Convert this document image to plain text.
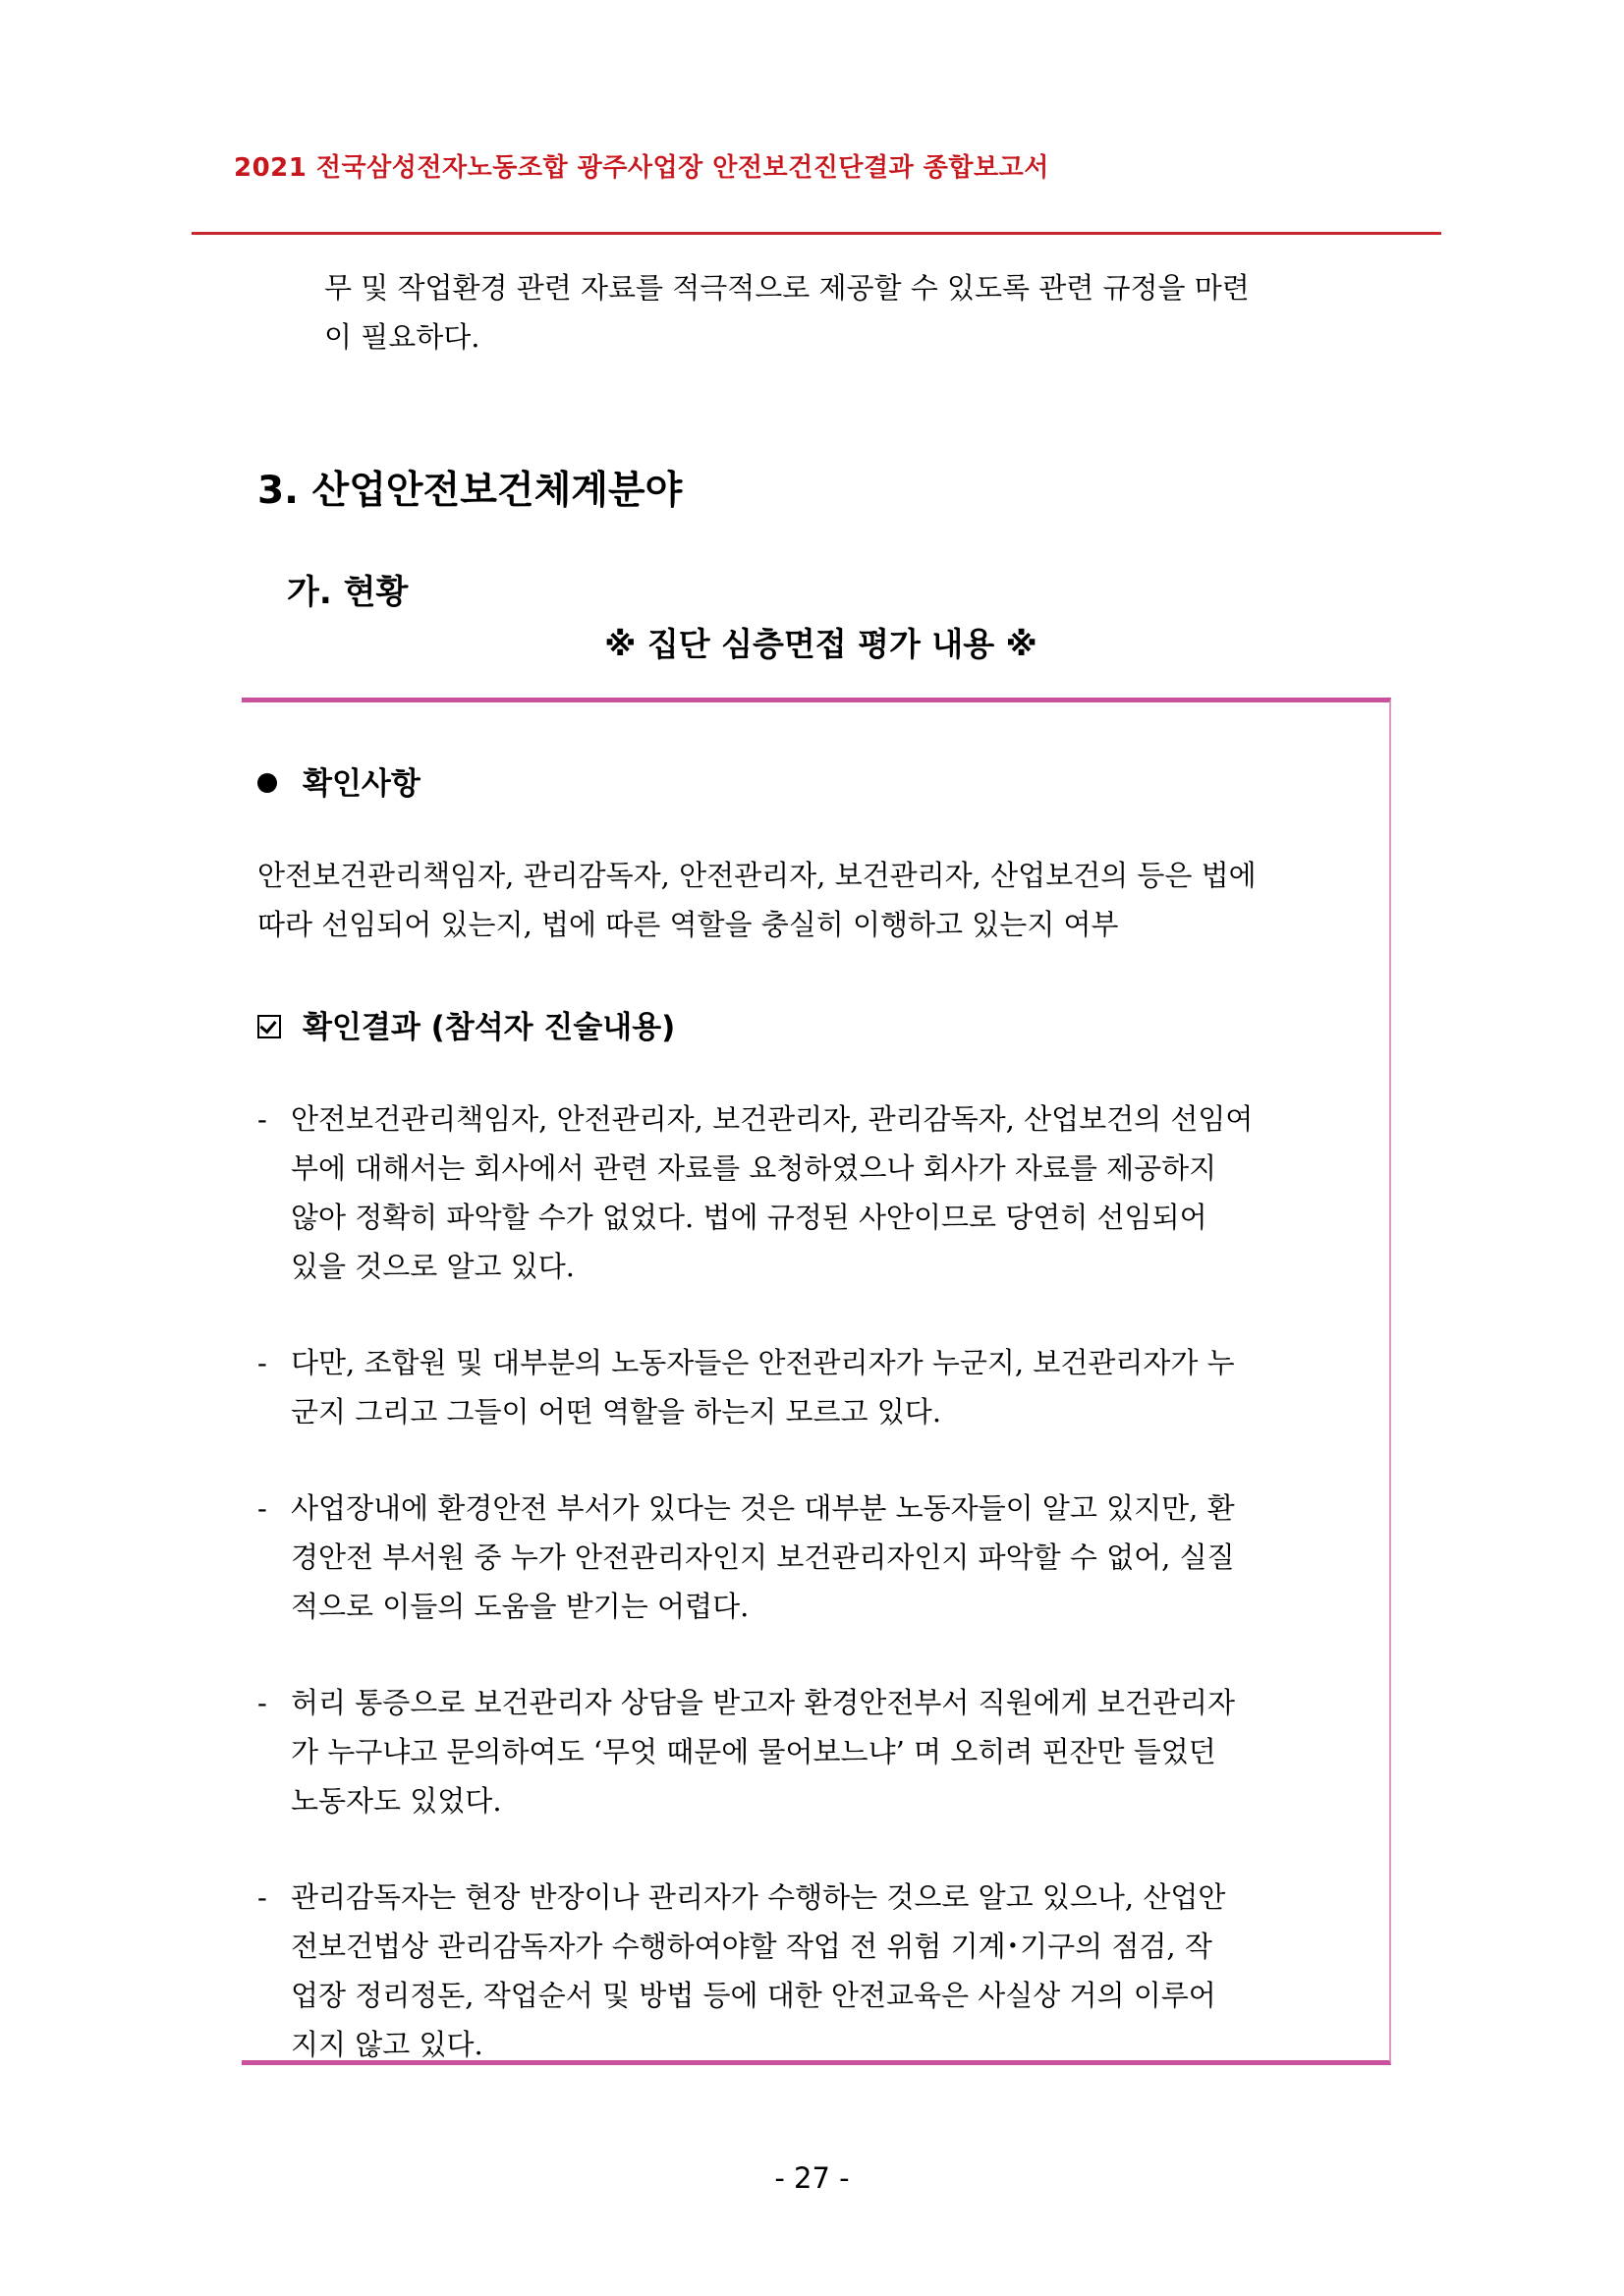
2021 전국삼성전자노동조합 광주사업장 안전보건진단결과 종합보고서

무 및 작업환경 관련 자료를 적극적으로 제공할 수 있도록 관련 규정을 마련

이 필요하다.

3. 산업안전보건체계분야
가. 현황
※ 집단 심층면접 평가 내용 ※
확인사항

안전보건관리책임자, 관리감독자, 안전관리자, 보건관리자, 산업보건의 등은 법에

따라 선임되어 있는지, 법에 따른 역할을 충실히 이행하고 있는지 여부

확인결과 (참석자 진술내용)
- 안전보건관리책임자, 안전관리자, 보건관리자, 관리감독자, 산업보건의 선임여

부에 대해서는 회사에서 관련 자료를 요청하였으나 회사가 자료를 제공하지

않아 정확히 파악할 수가 없었다. 법에 규정된 사안이므로 당연히 선임되어

있을 것으로 알고 있다.

- 다만, 조합원 및 대부분의 노동자들은 안전관리자가 누군지, 보건관리자가 누

군지 그리고 그들이 어떤 역할을 하는지 모르고 있다.

- 사업장내에 환경안전 부서가 있다는 것은 대부분 노동자들이 알고 있지만, 환

경안전 부서원 중 누가 안전관리자인지 보건관리자인지 파악할 수 없어, 실질

적으로 이들의 도움을 받기는 어렵다.

- 허리 통증으로 보건관리자 상담을 받고자 환경안전부서 직원에게 보건관리자

가 누구냐고 문의하여도 ‘무엇 때문에 물어보느냐’ 며 오히려 핀잔만 들었던

노동자도 있었다.

- 관리감독자는 현장 반장이나 관리자가 수행하는 것으로 알고 있으나, 산업안

전보건법상 관리감독자가 수행하여야할 작업 전 위험 기계･기구의 점검, 작

업장 정리정돈, 작업순서 및 방법 등에 대한 안전교육은 사실상 거의 이루어

지지 않고 있다.

- 27 -
